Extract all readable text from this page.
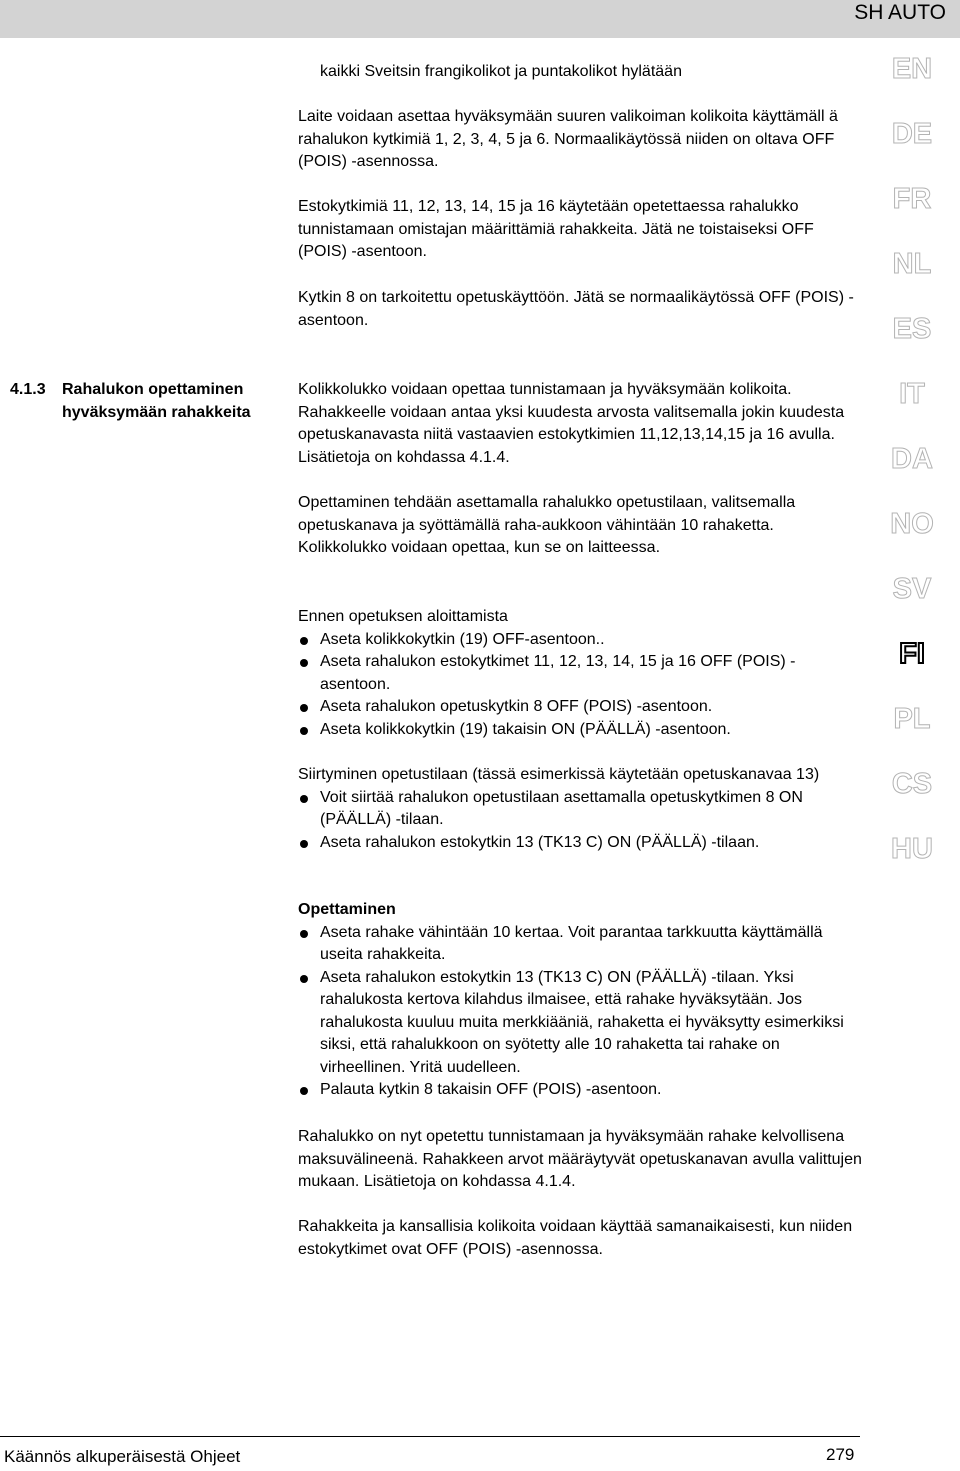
SH AUTO
EN
DE
FR
NL
ES
IT
DA
NO
SV
FI
PL
CS
HU

kaikki Sveitsin frangikolikot ja puntakolikot hylätään

Laite voidaan asettaa hyväksymään suuren valikoiman kolikoita käyttämäll ä rahalukon kytkimiä 1, 2, 3, 4, 5 ja 6. Normaalikäytössä niiden on oltava OFF (POIS) -asennossa.

Estokytkimiä 11, 12, 13, 14, 15 ja 16 käytetään opetettaessa rahalukko tunnistamaan omistajan määrittämiä rahakkeita. Jätä ne toistaiseksi OFF (POIS) -asentoon.

Kytkin 8 on tarkoitettu opetuskäyttöön. Jätä se normaalikäytössä OFF (POIS) -asentoon.

4.1.3 Rahalukon opettaminen hyväksymään rahakkeita

Kolikkolukko voidaan opettaa tunnistamaan ja hyväksymään kolikoita. Rahakkeelle voidaan antaa yksi kuudesta arvosta valitsemalla jokin kuudesta opetuskanavasta niitä vastaavien estokytkimien 11,12,13,14,15 ja 16 avulla. Lisätietoja on kohdassa 4.1.4.

Opettaminen tehdään asettamalla rahalukko opetustilaan, valitsemalla opetuskanava ja syöttämällä raha-aukkoon vähintään 10 rahaketta.

Kolikkolukko voidaan opettaa, kun se on laitteessa.

Ennen opetuksen aloittamista

Aseta kolikkokytkin (19) OFF-asentoon..
Aseta rahalukon estokytkimet 11, 12, 13, 14, 15 ja 16 OFF (POIS) -asentoon.
Aseta rahalukon opetuskytkin 8 OFF (POIS) -asentoon.
Aseta kolikkokytkin (19) takaisin ON (PÄÄLLÄ) -asentoon.

Siirtyminen opetustilaan (tässä esimerkissä käytetään opetuskanavaa 13)

Voit siirtää rahalukon opetustilaan asettamalla opetuskytkimen 8 ON (PÄÄLLÄ) -tilaan.
Aseta rahalukon estokytkin 13 (TK13 C) ON (PÄÄLLÄ) -tilaan.

Opettaminen

Aseta rahake vähintään 10 kertaa. Voit parantaa tarkkuutta käyttämällä useita rahakkeita.
Aseta rahalukon estokytkin 13 (TK13 C) ON (PÄÄLLÄ) -tilaan. Yksi rahalukosta kertova kilahdus ilmaisee, että rahake hyväksytään. Jos rahalukosta kuuluu muita merkkiääniä, rahaketta ei hyväksytty esimerkiksi siksi, että rahalukkoon on syötetty alle 10 rahaketta tai rahake on virheellinen. Yritä uudelleen.
Palauta kytkin 8 takaisin OFF (POIS) -asentoon.

Rahalukko on nyt opetettu tunnistamaan ja hyväksymään rahake kelvollisena maksuvälineenä. Rahakkeen arvot määräytyvät opetuskanavan avulla valittujen mukaan. Lisätietoja on kohdassa 4.1.4.

Rahakkeita ja kansallisia kolikoita voidaan käyttää samanaikaisesti, kun niiden estokytkimet ovat OFF (POIS) -asennossa.

Käännös alkuperäisestä Ohjeet	279
